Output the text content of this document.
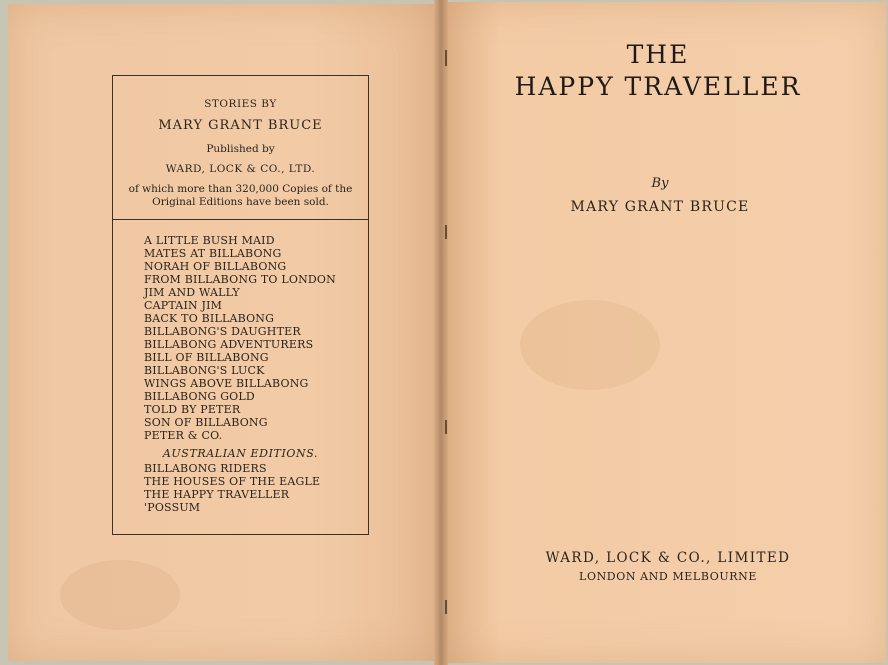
STORIES BY

MARY GRANT BRUCE

Published by

WARD, LOCK & CO., LTD.

of which more than 320,000 Copies of the
Original Editions have been sold.

A LITTLE BUSH MAID
MATES AT BILLABONG
NORAH OF BILLABONG
FROM BILLABONG TO LONDON
JIM AND WALLY
CAPTAIN JIM
BACK TO BILLABONG
BILLABONG'S DAUGHTER
BILLABONG ADVENTURERS
BILL OF BILLABONG
BILLABONG'S LUCK
WINGS ABOVE BILLABONG
BILLABONG GOLD
TOLD BY PETER
SON OF BILLABONG
PETER & CO.

AUSTRALIAN EDITIONS.

BILLABONG RIDERS
THE HOUSES OF THE EAGLE
THE HAPPY TRAVELLER
'POSSUM
THE
HAPPY TRAVELLER

By

MARY GRANT BRUCE

WARD, LOCK & CO., LIMITED

LONDON AND MELBOURNE
